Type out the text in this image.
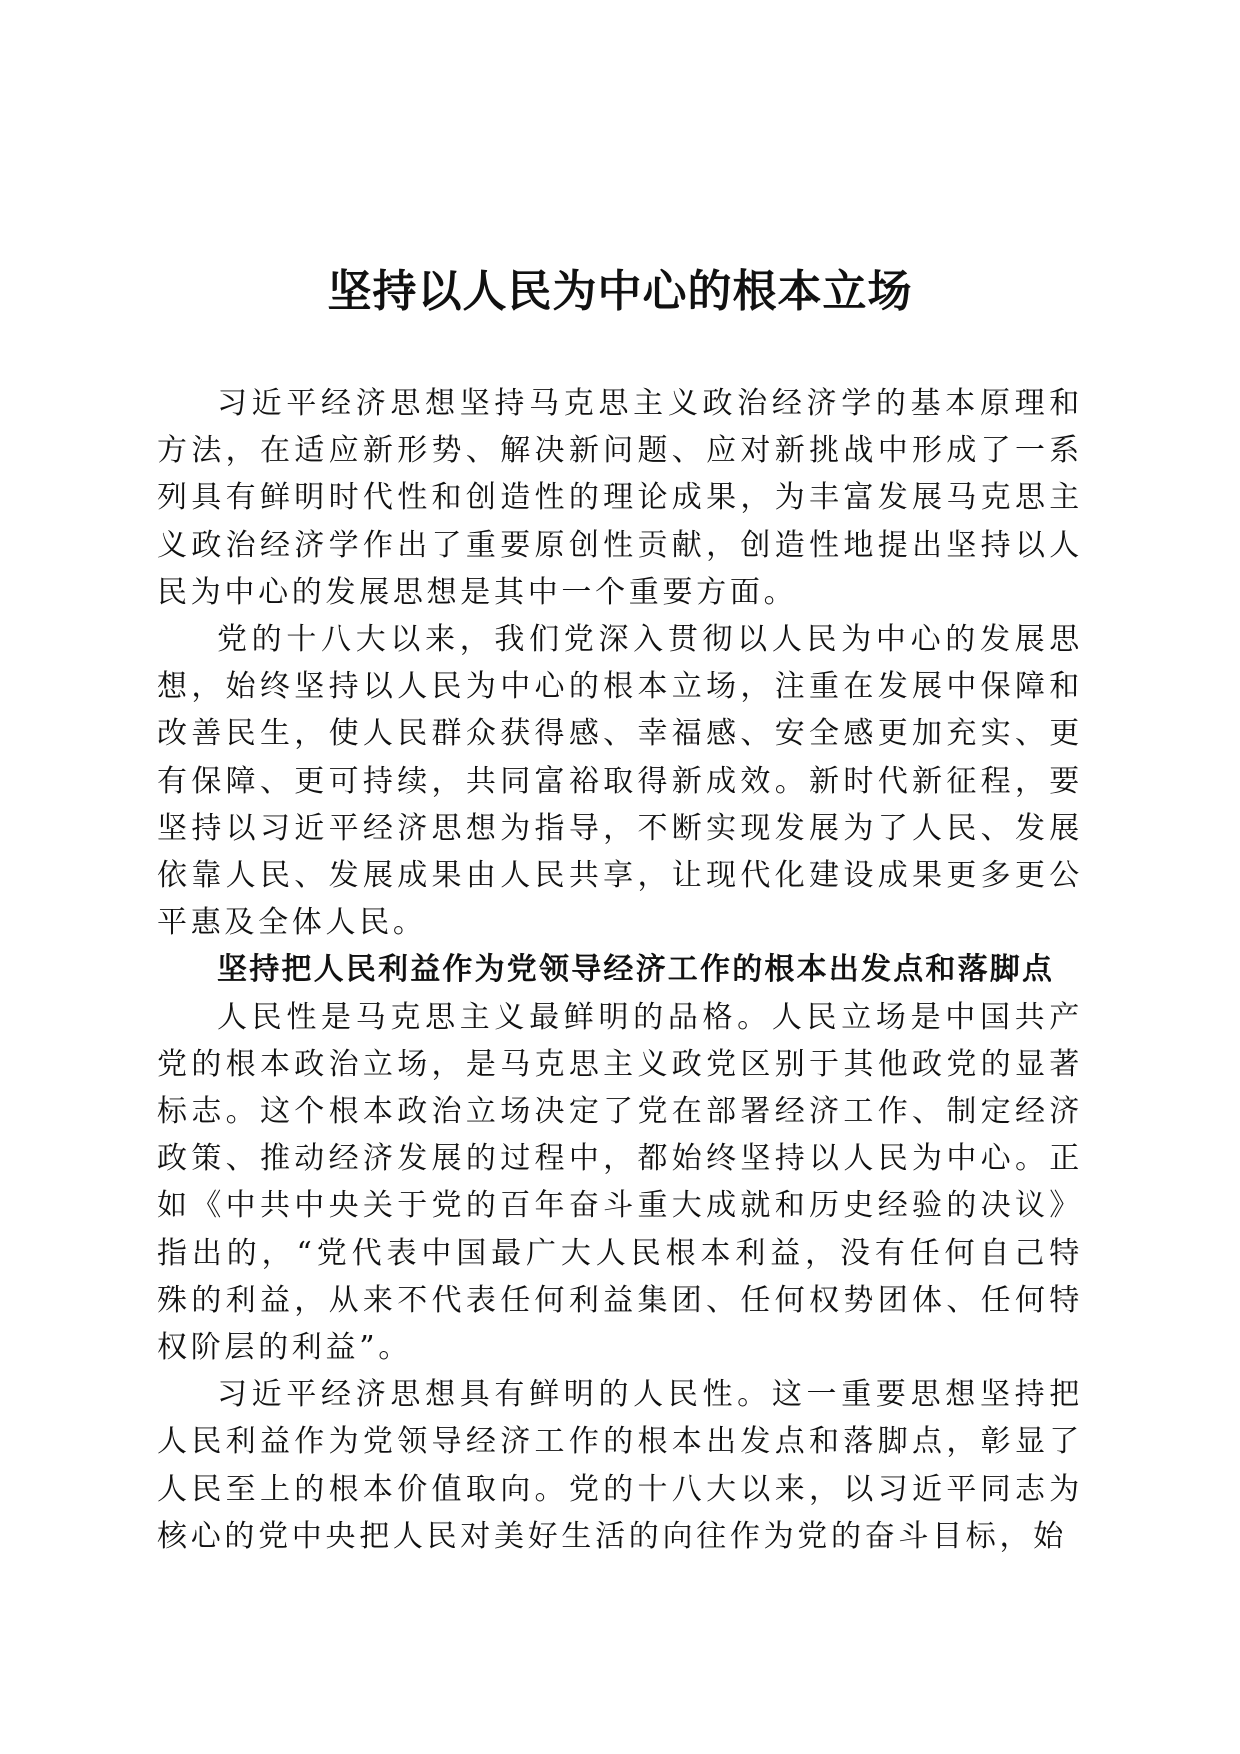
坚持以人民为中心的根本立场

习近平经济思想坚持马克思主义政治经济学的基本原理和方法，在适应新形势、解决新问题、应对新挑战中形成了一系列具有鲜明时代性和创造性的理论成果，为丰富发展马克思主义政治经济学作出了重要原创性贡献，创造性地提出坚持以人民为中心的发展思想是其中一个重要方面。

党的十八大以来，我们党深入贯彻以人民为中心的发展思想，始终坚持以人民为中心的根本立场，注重在发展中保障和改善民生，使人民群众获得感、幸福感、安全感更加充实、更有保障、更可持续，共同富裕取得新成效。新时代新征程，要坚持以习近平经济思想为指导，不断实现发展为了人民、发展依靠人民、发展成果由人民共享，让现代化建设成果更多更公平惠及全体人民。

坚持把人民利益作为党领导经济工作的根本出发点和落脚点

人民性是马克思主义最鲜明的品格。人民立场是中国共产党的根本政治立场，是马克思主义政党区别于其他政党的显著标志。这个根本政治立场决定了党在部署经济工作、制定经济政策、推动经济发展的过程中，都始终坚持以人民为中心。正如《中共中央关于党的百年奋斗重大成就和历史经验的决议》指出的，“党代表中国最广大人民根本利益，没有任何自己特殊的利益，从来不代表任何利益集团、任何权势团体、任何特权阶层的利益”。

习近平经济思想具有鲜明的人民性。这一重要思想坚持把人民利益作为党领导经济工作的根本出发点和落脚点，彰显了人民至上的根本价值取向。党的十八大以来，以习近平同志为核心的党中央把人民对美好生活的向往作为党的奋斗目标，始
